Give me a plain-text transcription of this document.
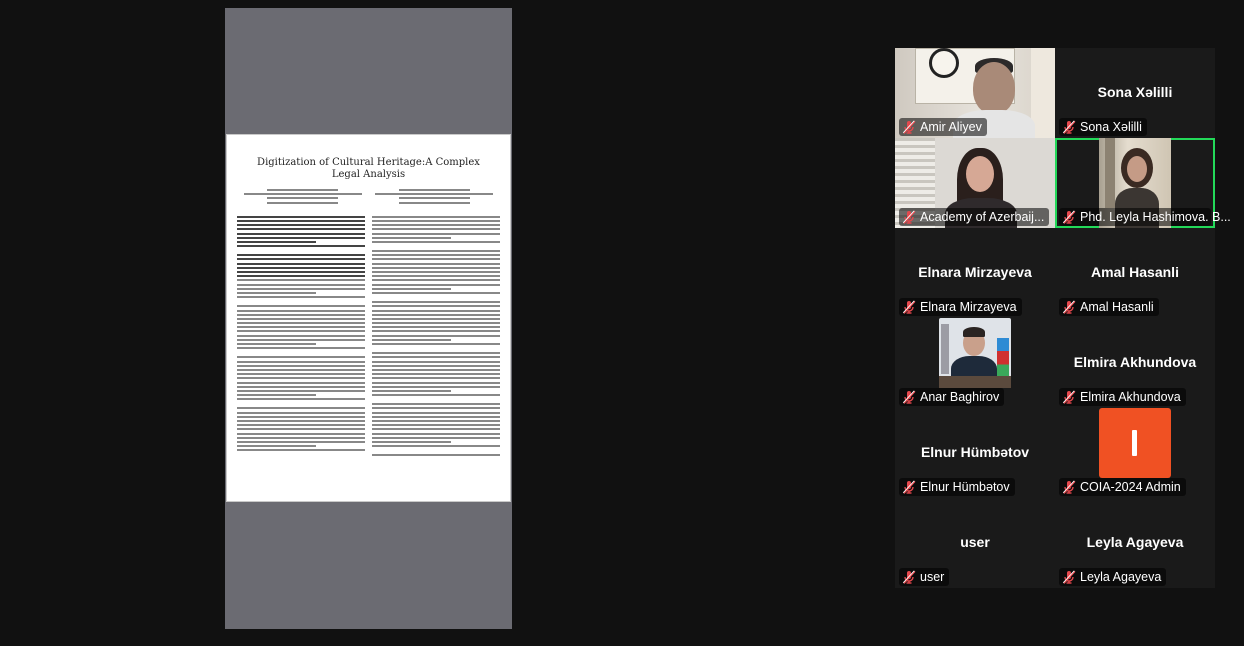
Digitization of Cultural Heritage:A Complex Legal Analysis
Amir Aliyev
Sona Xəlilli
Sona Xəlilli
Academy of Azerbaij...	Phd. Leyla Hashimova. B...
Elnara Mirzayeva
Elnara Mirzayeva
Amal Hasanli
Amal Hasanli
Anar Baghirov
Elmira Akhundova
Elmira Akhundova
Elnur Hümbətov
Elnur Hümbətov	COIA-2024 Admin
user
user
Leyla Agayeva
Leyla Agayeva
